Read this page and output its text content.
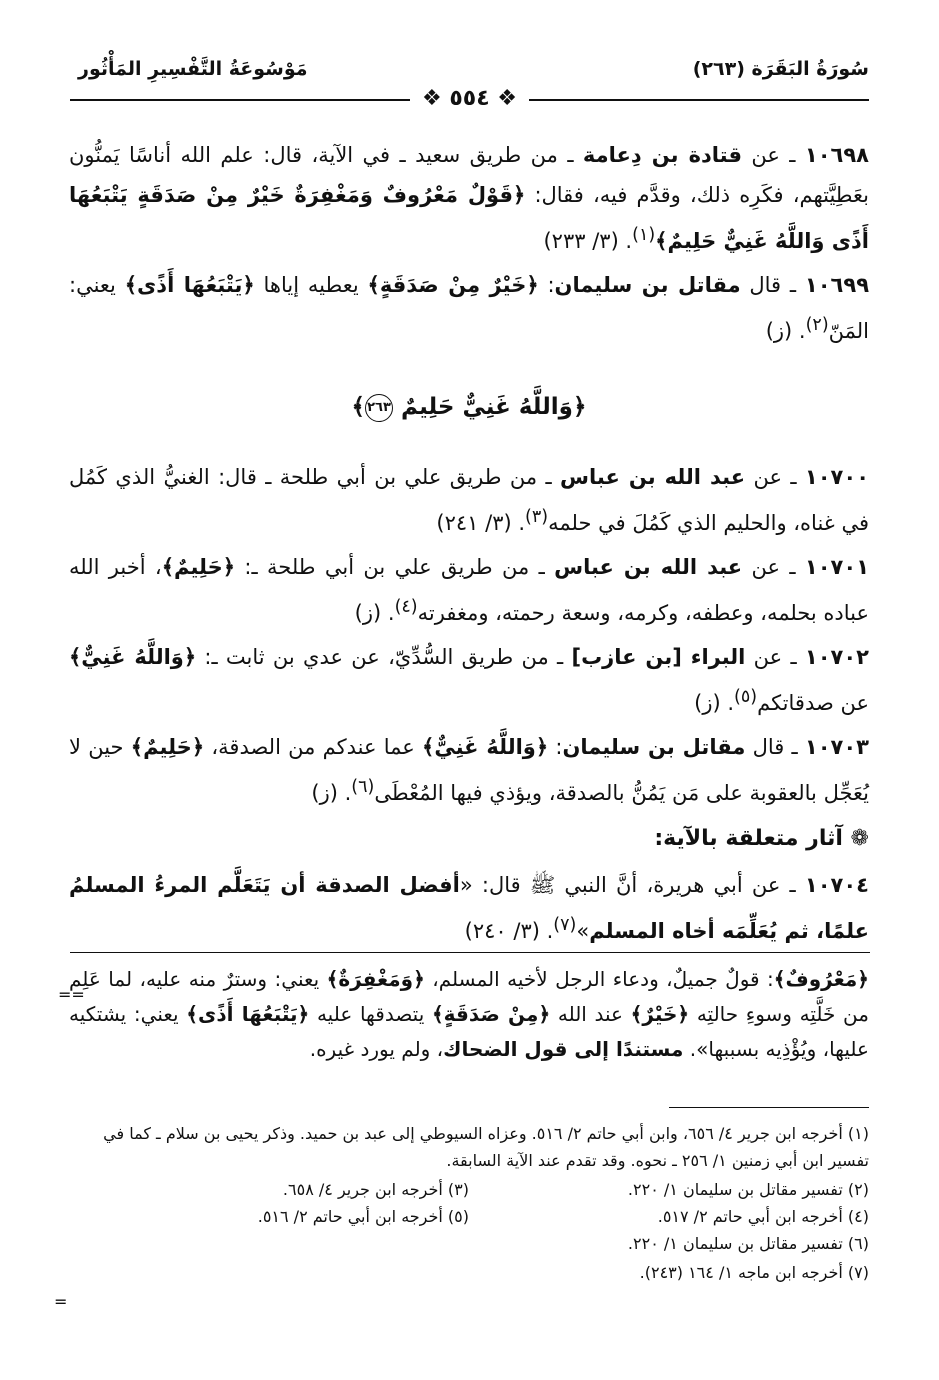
سُورَةُ البَقَرَة (٢٦٣)
مَوْسُوعَةُ التَّفْسِيرِ المَأْثُور
❖ ٥٥٤ ❖

١٠٦٩٨ ـ عن قتادة بن دِعامة ـ من طريق سعيد ـ في الآية، قال: علم الله أناسًا يَمنُّون بعَطِيَّتهم، فكَرِه ذلك، وقدَّم فيه، فقال: ﴿قَوْلٌ مَعْرُوفٌ وَمَغْفِرَةٌ خَيْرٌ مِنْ صَدَقَةٍ يَتْبَعُهَا أَذًى وَاللَّهُ غَنِيٌّ حَلِيمٌ﴾$^{(١)}$. (٣/ ٢٣٣)

١٠٦٩٩ ـ قال مقاتل بن سليمان: ﴿خَيْرٌ مِنْ صَدَقَةٍ﴾ يعطيه إياها ﴿يَتْبَعُهَا أَذًى﴾ يعني: المَنّ$^{(٢)}$. (ز)

﴿وَاللَّهُ غَنِيٌّ حَلِيمٌ ٢٦٣﴾

١٠٧٠٠ ـ عن عبد الله بن عباس ـ من طريق علي بن أبي طلحة ـ قال: الغنيُّ الذي كَمُل في غناه، والحليم الذي كَمُلَ في حلمه$^{(٣)}$. (٣/ ٢٤١)

١٠٧٠١ ـ عن عبد الله بن عباس ـ من طريق علي بن أبي طلحة ـ: ﴿حَلِيمٌ﴾، أخبر الله عباده بحلمه، وعطفه، وكرمه، وسعة رحمته، ومغفرته$^{(٤)}$. (ز)

١٠٧٠٢ ـ عن البراء [بن عازب] ـ من طريق السُّدِّيّ، عن عدي بن ثابت ـ: ﴿وَاللَّهُ غَنِيٌّ﴾ عن صدقاتكم$^{(٥)}$. (ز)

١٠٧٠٣ ـ قال مقاتل بن سليمان: ﴿وَاللَّهُ غَنِيٌّ﴾ عما عندكم من الصدقة، ﴿حَلِيمٌ﴾ حين لا يُعَجِّل بالعقوبة على مَن يَمُنُّ بالصدقة، ويؤذي فيها المُعْطَى$^{(٦)}$. (ز)

❁ آثار متعلقة بالآية:

١٠٧٠٤ ـ عن أبي هريرة، أنَّ النبي ﷺ قال: «أفضل الصدقة أن يَتَعَلَّم المرءُ المسلمُ علمًا، ثم يُعَلِّمَه أخاه المسلم»$^{(٧)}$. (٣/ ٢٤٠)

==

﴿مَعْرُوفٌ﴾: قولٌ جميلٌ، ودعاء الرجل لأخيه المسلم، ﴿وَمَغْفِرَةٌ﴾ يعني: وسترٌ منه عليه، لما عَلِم من خَلَّتِه وسوءِ حالتِه ﴿خَيْرٌ﴾ عند الله ﴿مِنْ صَدَقَةٍ﴾ يتصدقها عليه ﴿يَتْبَعُهَا أَذًى﴾ يعني: يشتكيه عليها، ويُؤْذِيه بسببها». مستندًا إلى قول الضحاك، ولم يورد غيره.

(١) أخرجه ابن جرير ٤/ ٦٥٦، وابن أبي حاتم ٢/ ٥١٦. وعزاه السيوطي إلى عبد بن حميد. وذكر يحيى بن سلام ـ كما في تفسير ابن أبي زمنين ١/ ٢٥٦ ـ نحوه. وقد تقدم عند الآية السابقة.

(٢) تفسير مقاتل بن سليمان ١/ ٢٢٠.
(٣) أخرجه ابن جرير ٤/ ٦٥٨.
(٤) أخرجه ابن أبي حاتم ٢/ ٥١٧.
(٥) أخرجه ابن أبي حاتم ٢/ ٥١٦.

(٦) تفسير مقاتل بن سليمان ١/ ٢٢٠.

(٧) أخرجه ابن ماجه ١/ ١٦٤ (٢٤٣).

=
